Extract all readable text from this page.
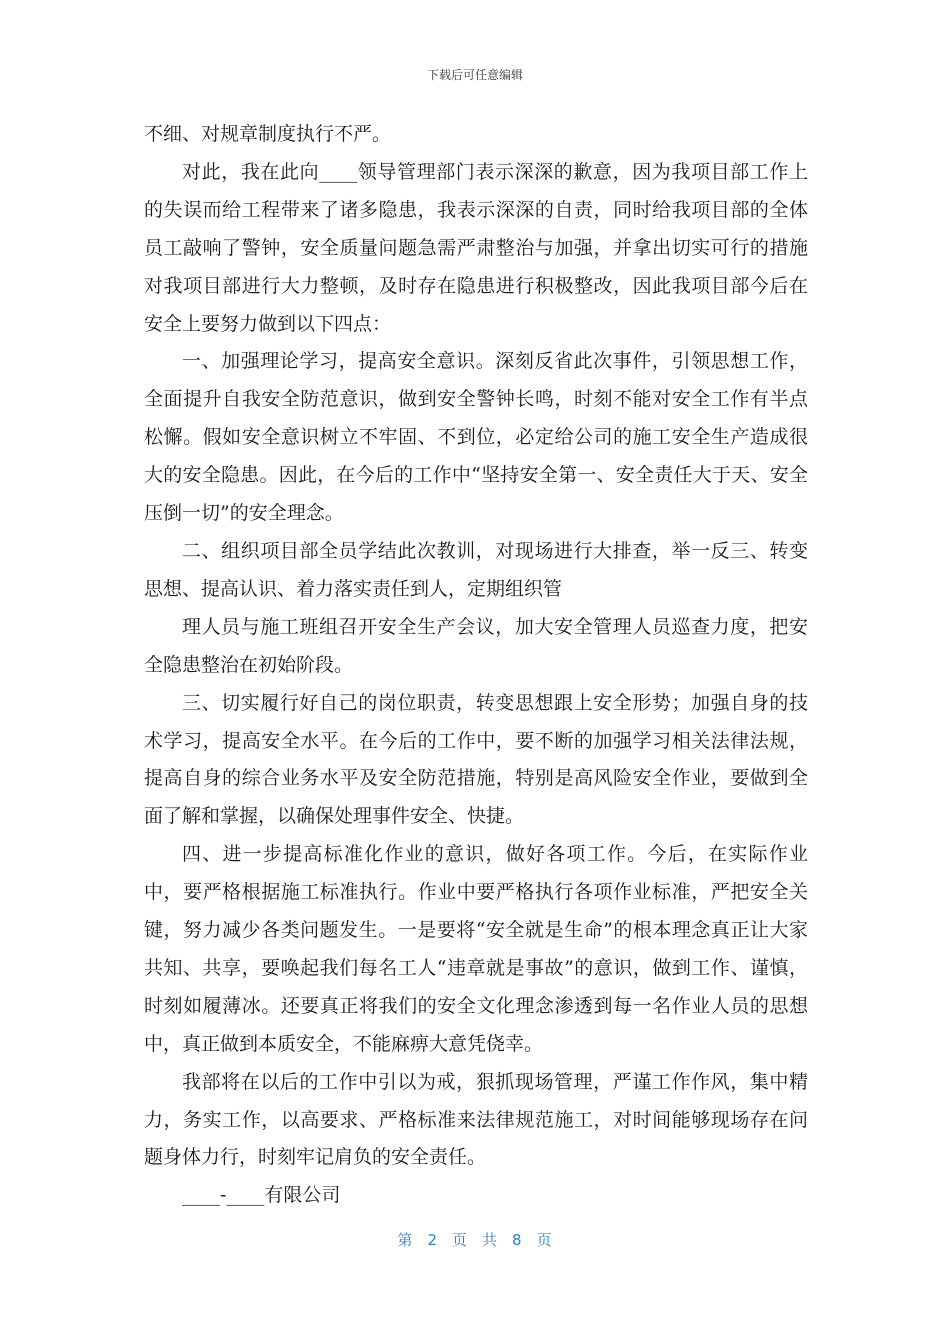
下载后可任意编辑

不细、对规章制度执行不严。

对此，我在此向____领导管理部门表示深深的歉意，因为我项目部工作上的失误而给工程带来了诸多隐患，我表示深深的自责，同时给我项目部的全体员工敲响了警钟，安全质量问题急需严肃整治与加强，并拿出切实可行的措施对我项目部进行大力整顿，及时存在隐患进行积极整改，因此我项目部今后在安全上要努力做到以下四点：

一、加强理论学习，提高安全意识。深刻反省此次事件，引领思想工作，全面提升自我安全防范意识，做到安全警钟长鸣，时刻不能对安全工作有半点松懈。假如安全意识树立不牢固、不到位，必定给公司的施工安全生产造成很大的安全隐患。因此，在今后的工作中“坚持安全第一、安全责任大于天、安全压倒一切”的安全理念。

二、组织项目部全员学结此次教训，对现场进行大排查，举一反三、转变思想、提高认识、着力落实责任到人，定期组织管

理人员与施工班组召开安全生产会议，加大安全管理人员巡查力度，把安全隐患整治在初始阶段。

三、切实履行好自己的岗位职责，转变思想跟上安全形势；加强自身的技术学习，提高安全水平。在今后的工作中，要不断的加强学习相关法律法规，提高自身的综合业务水平及安全防范措施，特别是高风险安全作业，要做到全面了解和掌握，以确保处理事件安全、快捷。

四、进一步提高标准化作业的意识，做好各项工作。今后，在实际作业中，要严格根据施工标准执行。作业中要严格执行各项作业标准，严把安全关键，努力减少各类问题发生。一是要将“安全就是生命”的根本理念真正让大家共知、共享，要唤起我们每名工人“违章就是事故”的意识，做到工作、谨慎，时刻如履薄冰。还要真正将我们的安全文化理念渗透到每一名作业人员的思想中，真正做到本质安全，不能麻痹大意凭侥幸。

我部将在以后的工作中引以为戒，狠抓现场管理，严谨工作作风，集中精力，务实工作，以高要求、严格标准来法律规范施工，对时间能够现场存在问题身体力行，时刻牢记肩负的安全责任。

____-____有限公司

第 2 页 共 8 页
